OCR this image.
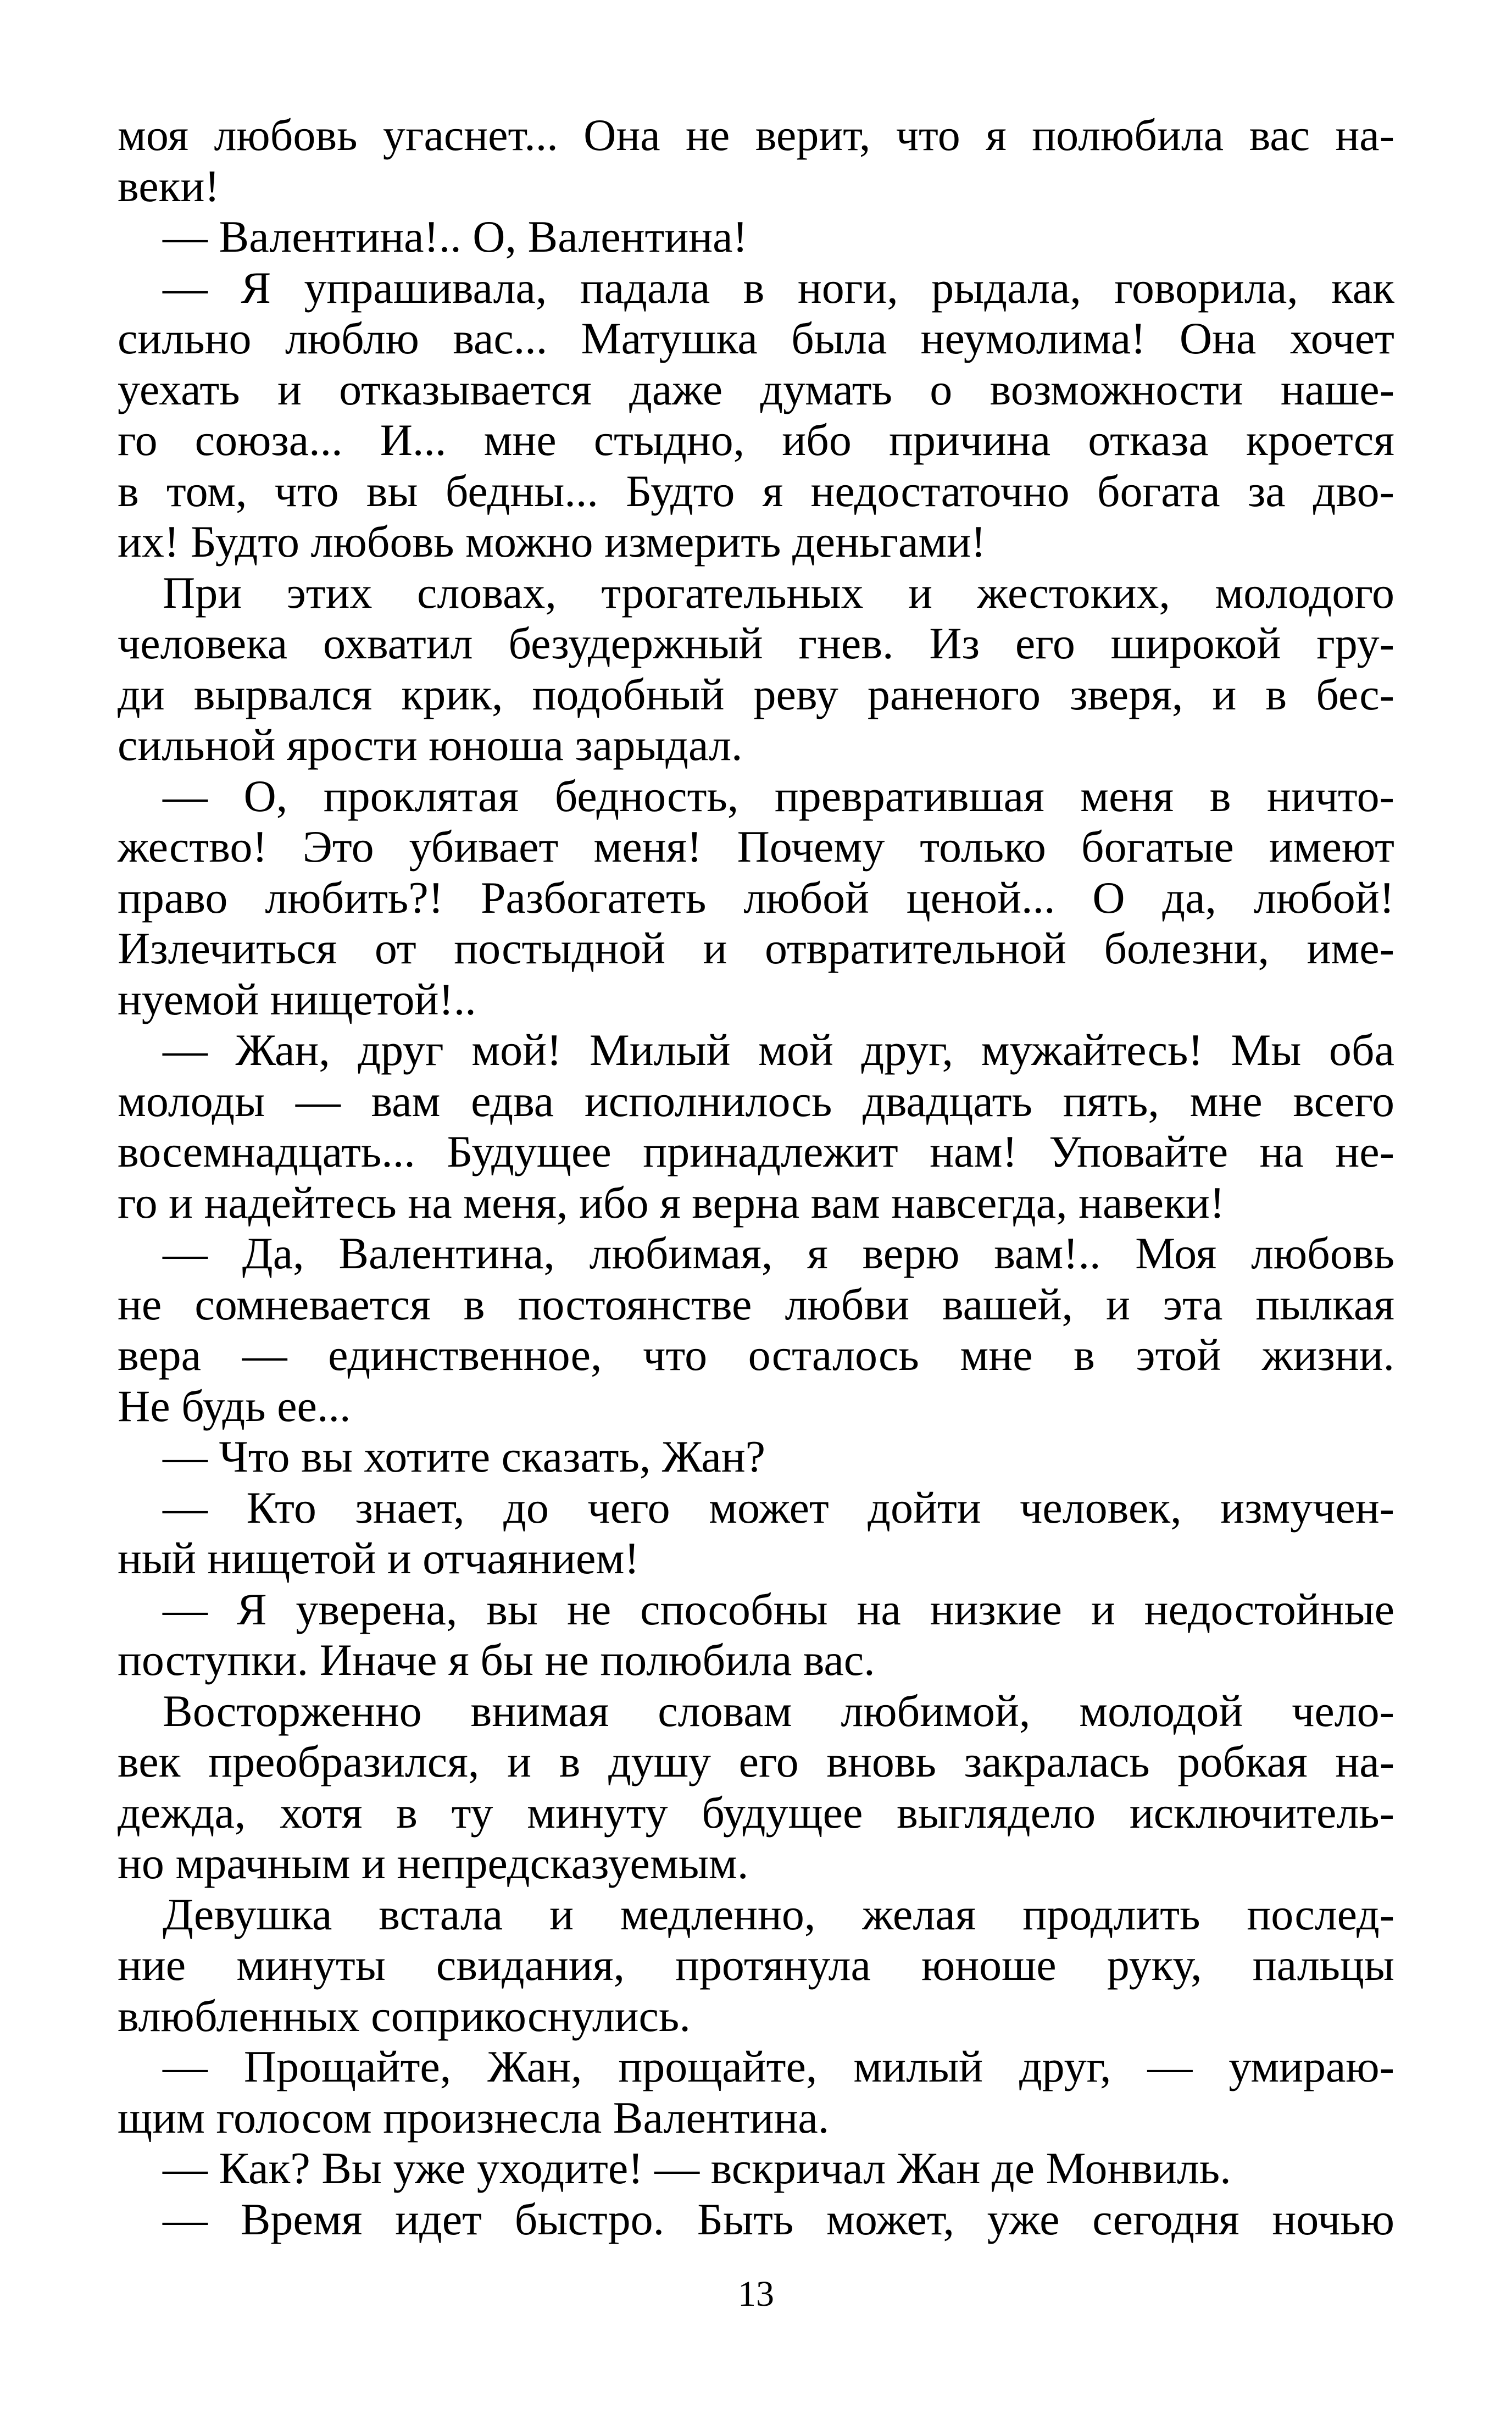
моя любовь угаснет... Она не верит, что я полюбила вас на-
веки!
 — Валентина!.. О, Валентина!
 — Я упрашивала, падала в ноги, рыдала, говорила, как
сильно люблю вас... Матушка была неумолима! Она хочет
уехать и отказывается даже думать о возможности наше-
го союза... И... мне стыдно, ибо причина отказа кроется
в том, что вы бедны... Будто я недостаточно богата за дво-
их! Будто любовь можно измерить деньгами!
 При этих словах, трогательных и жестоких, молодого
человека охватил безудержный гнев. Из его широкой гру-
ди вырвался крик, подобный реву раненого зверя, и в бес-
сильной ярости юноша зарыдал.
 — О, проклятая бедность, превратившая меня в ничто-
жество! Это убивает меня! Почему только богатые имеют
право любить?! Разбогатеть любой ценой... О да, любой!
Излечиться от постыдной и отвратительной болезни, име-
нуемой нищетой!..
 — Жан, друг мой! Милый мой друг, мужайтесь! Мы оба
молоды — вам едва исполнилось двадцать пять, мне всего
восемнадцать... Будущее принадлежит нам! Уповайте на не-
го и надейтесь на меня, ибо я верна вам навсегда, навеки!
 — Да, Валентина, любимая, я верю вам!.. Моя любовь
не сомневается в постоянстве любви вашей, и эта пылкая
вера — единственное, что осталось мне в этой жизни.
Не будь ее...
 — Что вы хотите сказать, Жан?
 — Кто знает, до чего может дойти человек, измучен-
ный нищетой и отчаянием!
 — Я уверена, вы не способны на низкие и недостойные
поступки. Иначе я бы не полюбила вас.
 Восторженно внимая словам любимой, молодой чело-
век преобразился, и в душу его вновь закралась робкая на-
дежда, хотя в ту минуту будущее выглядело исключитель-
но мрачным и непредсказуемым.
 Девушка встала и медленно, желая продлить послед-
ние минуты свидания, протянула юноше руку, пальцы
влюбленных соприкоснулись.
 — Прощайте, Жан, прощайте, милый друг, — умираю-
щим голосом произнесла Валентина.
 — Как? Вы уже уходите! — вскричал Жан де Монвиль.
 — Время идет быстро. Быть может, уже сегодня ночью
13
